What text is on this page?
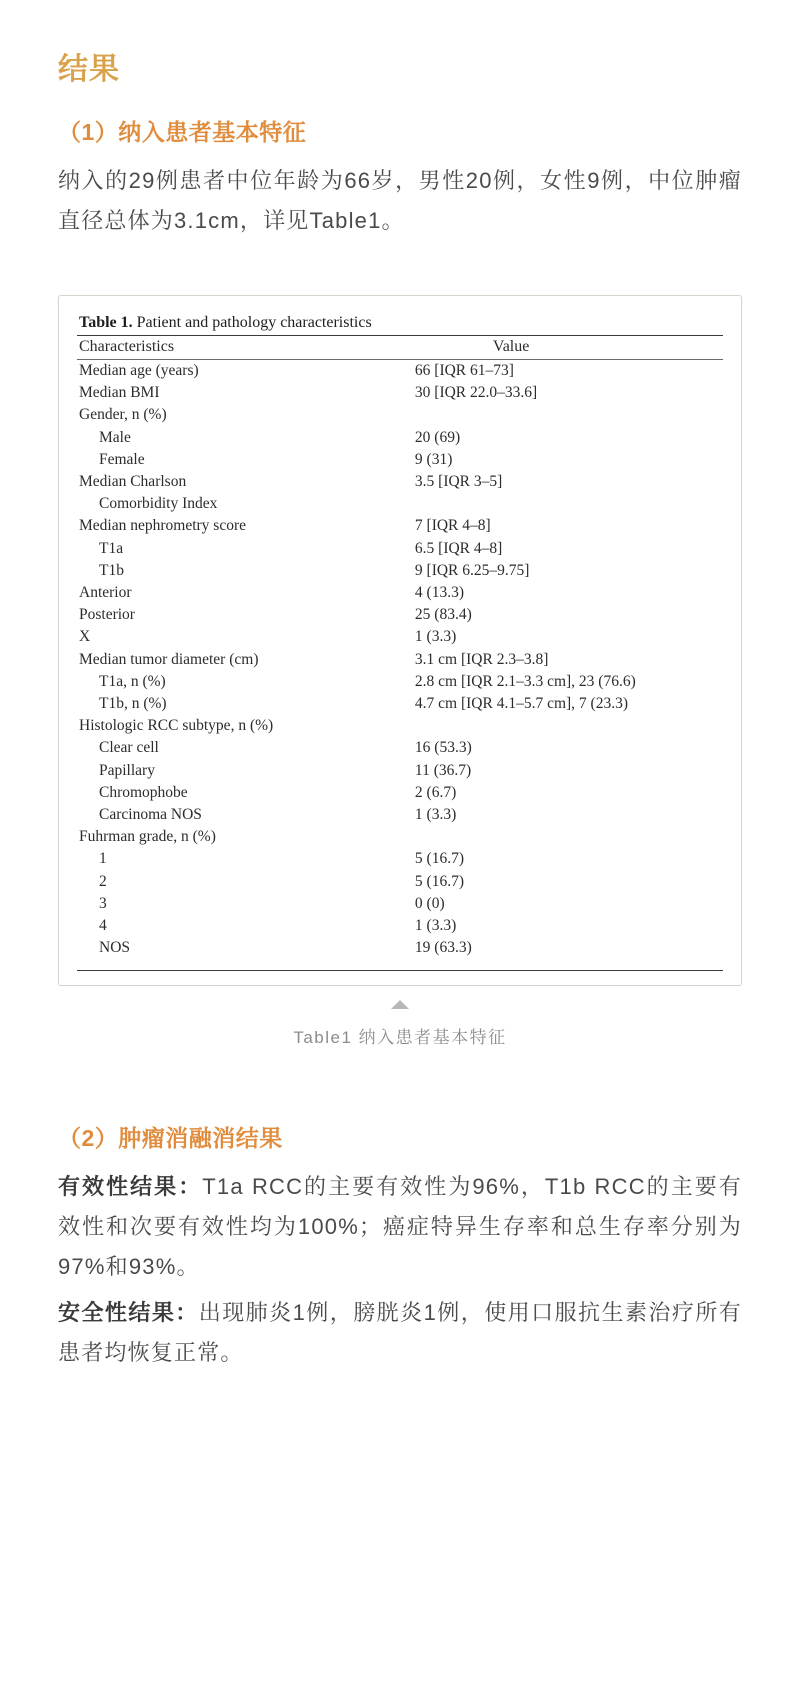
结果
（1）纳入患者基本特征

纳入的29例患者中位年龄为66岁，男性20例，女性9例，中位肿瘤直径总体为3.1cm，详见Table1。

Table 1. Patient and pathology characteristics	
Characteristics	Value
Median age (years)	66 [IQR 61–73]
Median BMI	30 [IQR 22.0–33.6]
Gender, n (%)	
Male	20 (69)
Female	9 (31)
Median Charlson	3.5 [IQR 3–5]
Comorbidity Index	
Median nephrometry score	7 [IQR 4–8]
T1a	6.5 [IQR 4–8]
T1b	9 [IQR 6.25–9.75]
Anterior	4 (13.3)
Posterior	25 (83.4)
X	1 (3.3)
Median tumor diameter (cm)	3.1 cm [IQR 2.3–3.8]
T1a, n (%)	2.8 cm [IQR 2.1–3.3 cm], 23 (76.6)
T1b, n (%)	4.7 cm [IQR 4.1–5.7 cm], 7 (23.3)
Histologic RCC subtype, n (%)	
Clear cell	16 (53.3)
Papillary	11 (36.7)
Chromophobe	2 (6.7)
Carcinoma NOS	1 (3.3)
Fuhrman grade, n (%)	
1	5 (16.7)
2	5 (16.7)
3	0 (0)
4	1 (3.3)
NOS	19 (63.3)
Table1 纳入患者基本特征
（2）肿瘤消融消结果

有效性结果：T1a RCC的主要有效性为96%，T1b RCC的主要有效性和次要有效性均为100%；癌症特异生存率和总生存率分别为97%和93%。

安全性结果：出现肺炎1例，膀胱炎1例，使用口服抗生素治疗所有患者均恢复正常。
